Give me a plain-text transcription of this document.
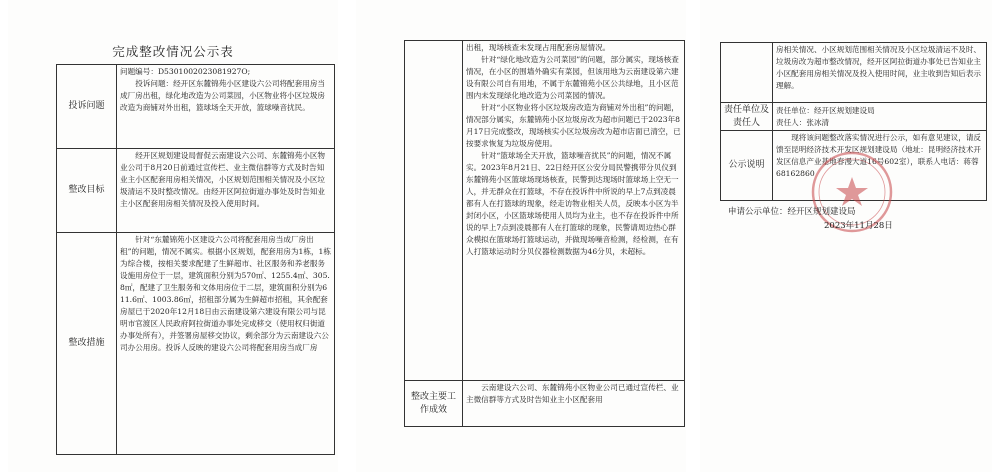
完成整改情况公示表
投诉问题	问题编号：D5301002023081927O;

投诉问题：经开区东麓锦苑小区建设六公司将配套用房当成厂房出租，绿化地改造为公司菜园，小区物业将小区垃圾房改造为商铺对外出租，篮球场全天开放，篮球噪音扰民。

整改目标	经开区规划建设局督促云南建设六公司、东麓锦苑小区物业公司于8月20日前通过宣传栏、业主微信群等方式及时告知业主小区配套用房相关情况，小区规划范围相关情况及小区垃圾清运不及时整改情况。由经开区阿拉街道办事处及时告知业主小区配套用房相关情况及投入使用时间。

整改措施	针对“东麓锦苑小区建设六公司将配套用房当成厂房出租”的问题，情况不属实。根据小区规划，配套用房为1栋，1栋为综合楼，按相关要求配建了生鲜超市、社区服务和养老服务设施用房位于一层，建筑面积分别为570㎡、1255.4㎡、305.8㎡，配建了卫生服务和文体用房位于二层，建筑面积分别为611.6㎡、1003.86㎡，招租部分属为生鲜超市招租，其余配套房屋已于2020年12月18日由云南建设第六建设有限公司与昆明市官渡区人民政府阿拉街道办事处完成移交（使用权归街道办事处所有），并签署房屋移交协议，剩余部分为云南建设六公司办公用房。投诉人反映的建设六公司将配套用房当成厂房

	出租，现场核查未发现占用配套房屋情况。

针对“绿化地改造为公司菜园”的问题，部分属实，现场核查情况，在小区的围墙外确实有菜园，但该用地为云南建设第六建设有限公司自有用地，不属于东麓锦苑小区公共绿地，且小区范围内未发现绿化地改造为公司菜园的情况。

针对“小区物业将小区垃圾房改造为商铺对外出租”的问题，情况部分属实，东麓锦苑小区垃圾房改为超市问题已于2023年8月17日完成整改，现场核实小区垃圾房改为超市店面已清空，已按要求恢复为垃圾房使用。

针对“篮球场全天开放，篮球噪音扰民”的问题，情况不属实。2023年8月21日、22日经开区公安分局民警携带分贝仪到东麓锦苑小区篮球场现场核查，民警到达现场时篮球场上空无一人，并无群众在打篮球，不存在投诉件中所说的早上7点到凌晨都有人在打篮球的现象，经走访物业相关人员，反映本小区为半封闭小区，小区篮球场使用人员均为业主，也不存在投诉件中所说的早上7点到凌晨都有人在打篮球的现象，民警请周边热心群众模拟在篮球场打篮球运动，并做现场噪音检测，经检测，在有人打篮球运动时分贝仪器检测数据为46分贝，未超标。

整改主要工作成效	云南建设六公司、东麓锦苑小区物业公司已通过宣传栏、业主微信群等方式及时告知业主小区配套用

	房相关情况、小区规划范围相关情况及小区垃圾清运不及时、垃圾房改为超市整改情况，经开区阿拉街道办事处已告知业主小区配套用房相关情况及投入使用时间，业主收到告知后表示理解。

责任单位及责任人	责任单位：经开区规划建设局

责任人：张冰清

公示说明	现将该问题整改落实情况进行公示，如有意见建议，请反馈至昆明经济技术开发区规划建设局（地址：昆明经济技术开发区信息产业基地春漫大道16号602室），联系人电话：蒋蓉 68162860

申请公示单位：经开区规划建设局
2023年11月28日
